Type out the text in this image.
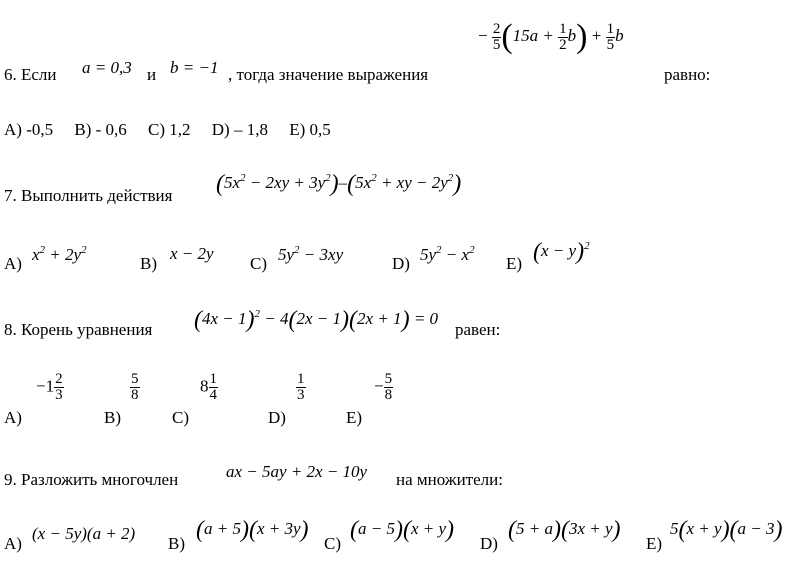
6. Если a = 0,3 и b = −1 , тогда значение выражения
− $\frac{2}{5} (15a + \frac{1}{2} b) + \frac{1}{5}$ b
равно:
A) -0,5     B) - 0,6     C) 1,2     D) – 1,8     E) 0,5
7. Выполнить действия $(5x^2 - 2xy + 3y^2)-(5x^2$ + xy − $2y^2$)
A) $x^2 + 2y^2$
B)
x − 2y
C) $5y^2 - 3xy$	D) $5y^2 - x^2$
E) $(x - y)^2$
8. Корень уравнения $(4x - 1)^2 - 4(2x - 1)(2x + 1) = 0$
равен:
A)
$-1 \frac{2}{3}$
B)
$\frac{5}{8}$
C)
$8 \frac{1}{4}$
D)
$\frac{1}{3}$
E)
− $\frac{5}{8}$
9. Разложить многочлен	ax − 5ay + 2x − 10y на множители:
A)
(x − 5y)(a + 2)
B)
(a + 5)(x + 3y)
C)
(a − 5)(x + y)
D)
(5 + a)(3x + y)
E)
5(x + y)(a − 3)
